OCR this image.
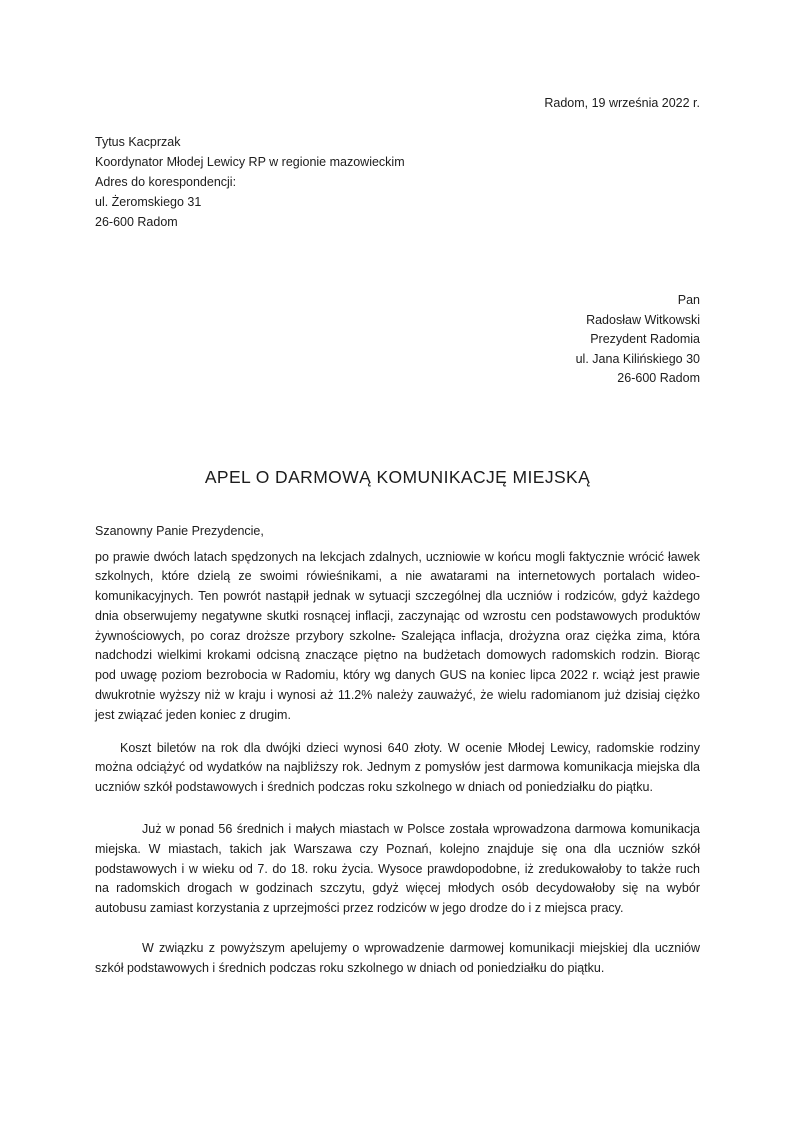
Radom, 19 września 2022 r.
Tytus Kacprzak
Koordynator Młodej Lewicy RP w regionie mazowieckim
Adres do korespondencji:
ul. Żeromskiego 31
26-600 Radom
Pan
Radosław Witkowski
Prezydent Radomia
ul. Jana Kilińskiego 30
26-600 Radom
APEL O DARMOWĄ KOMUNIKACJĘ MIEJSKĄ

Szanowny Panie Prezydencie,

po prawie dwóch latach spędzonych na lekcjach zdalnych, uczniowie w końcu mogli faktycznie wrócić ławek szkolnych, które dzielą ze swoimi rówieśnikami, a nie awatarami na internetowych portalach wideo-komunikacyjnych. Ten powrót nastąpił jednak w sytuacji szczególnej dla uczniów i rodziców, gdyż każdego dnia obserwujemy negatywne skutki rosnącej inflacji, zaczynając od wzrostu cen podstawowych produktów żywnościowych, po coraz droższe przybory szkolne. Szalejąca inflacja, drożyzna oraz ciężka zima, która nadchodzi wielkimi krokami odcisną znaczące piętno na budżetach domowych radomskich rodzin. Biorąc pod uwagę poziom bezrobocia w Radomiu, który wg danych GUS na koniec lipca 2022 r. wciąż jest prawie dwukrotnie wyższy niż w kraju i wynosi aż 11.2% należy zauważyć, że wielu radomianom już dzisiaj ciężko jest związać jeden koniec z drugim.

Koszt biletów na rok dla dwójki dzieci wynosi 640 złoty. W ocenie Młodej Lewicy, radomskie rodziny można odciążyć od wydatków na najbliższy rok. Jednym z pomysłów jest darmowa komunikacja miejska dla uczniów szkół podstawowych i średnich podczas roku szkolnego w dniach od poniedziałku do piątku.

Już w ponad 56 średnich i małych miastach w Polsce została wprowadzona darmowa komunikacja miejska. W miastach, takich jak Warszawa czy Poznań, kolejno znajduje się ona dla uczniów szkół podstawowych i w wieku od 7. do 18. roku życia. Wysoce prawdopodobne, iż zredukowałoby to także ruch na radomskich drogach w godzinach szczytu, gdyż więcej młodych osób decydowałoby się na wybór autobusu zamiast korzystania z uprzejmości przez rodziców w jego drodze do i z miejsca pracy.

W związku z powyższym apelujemy o wprowadzenie darmowej komunikacji miejskiej dla uczniów szkół podstawowych i średnich podczas roku szkolnego w dniach od poniedziałku do piątku.
